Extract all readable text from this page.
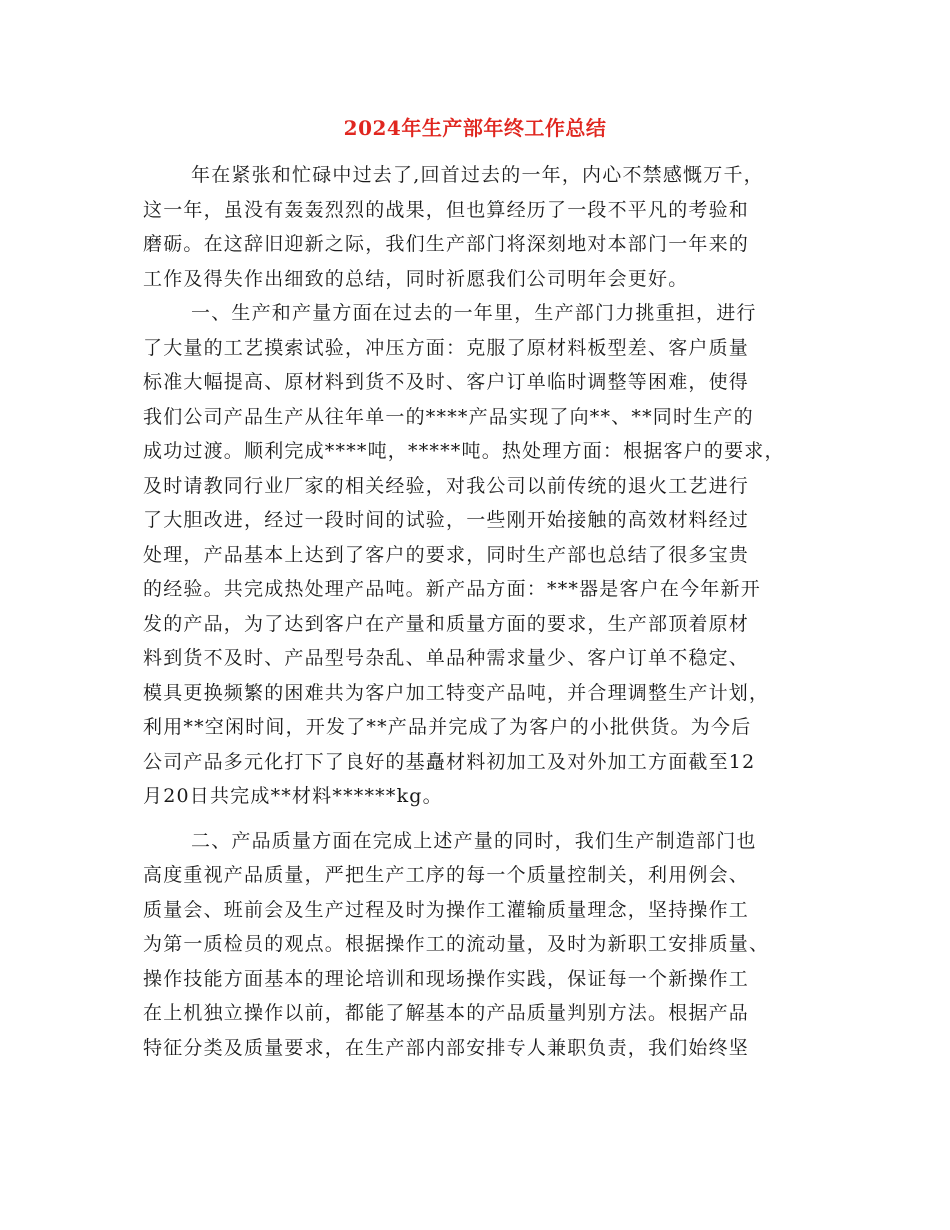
2024年生产部年终工作总结

年在紧张和忙碌中过去了,回首过去的一年，内心不禁感慨万千，
这一年，虽没有轰轰烈烈的战果，但也算经历了一段不平凡的考验和
磨砺。在这辞旧迎新之际，我们生产部门将深刻地对本部门一年来的
工作及得失作出细致的总结，同时祈愿我们公司明年会更好。

一、生产和产量方面在过去的一年里，生产部门力挑重担，进行
了大量的工艺摸索试验，冲压方面：克服了原材料板型差、客户质量
标准大幅提高、原材料到货不及时、客户订单临时调整等困难，使得
我们公司产品生产从往年单一的****产品实现了向**、**同时生产的
成功过渡。顺利完成****吨，*****吨。热处理方面：根据客户的要求，
及时请教同行业厂家的相关经验，对我公司以前传统的退火工艺进行
了大胆改进，经过一段时间的试验，一些刚开始接触的高效材料经过
处理，产品基本上达到了客户的要求，同时生产部也总结了很多宝贵
的经验。共完成热处理产品吨。新产品方面：***器是客户在今年新开
发的产品，为了达到客户在产量和质量方面的要求，生产部顶着原材
料到货不及时、产品型号杂乱、单品种需求量少、客户订单不稳定、
模具更换频繁的困难共为客户加工特变产品吨，并合理调整生产计划，
利用**空闲时间，开发了**产品并完成了为客户的小批供货。为今后
公司产品多元化打下了良好的基矗材料初加工及对外加工方面截至12
月20日共完成**材料******kg。

二、产品质量方面在完成上述产量的同时，我们生产制造部门也
高度重视产品质量，严把生产工序的每一个质量控制关，利用例会、
质量会、班前会及生产过程及时为操作工灌输质量理念，坚持操作工
为第一质检员的观点。根据操作工的流动量，及时为新职工安排质量、
操作技能方面基本的理论培训和现场操作实践，保证每一个新操作工
在上机独立操作以前，都能了解基本的产品质量判别方法。根据产品
特征分类及质量要求，在生产部内部安排专人兼职负责，我们始终坚
